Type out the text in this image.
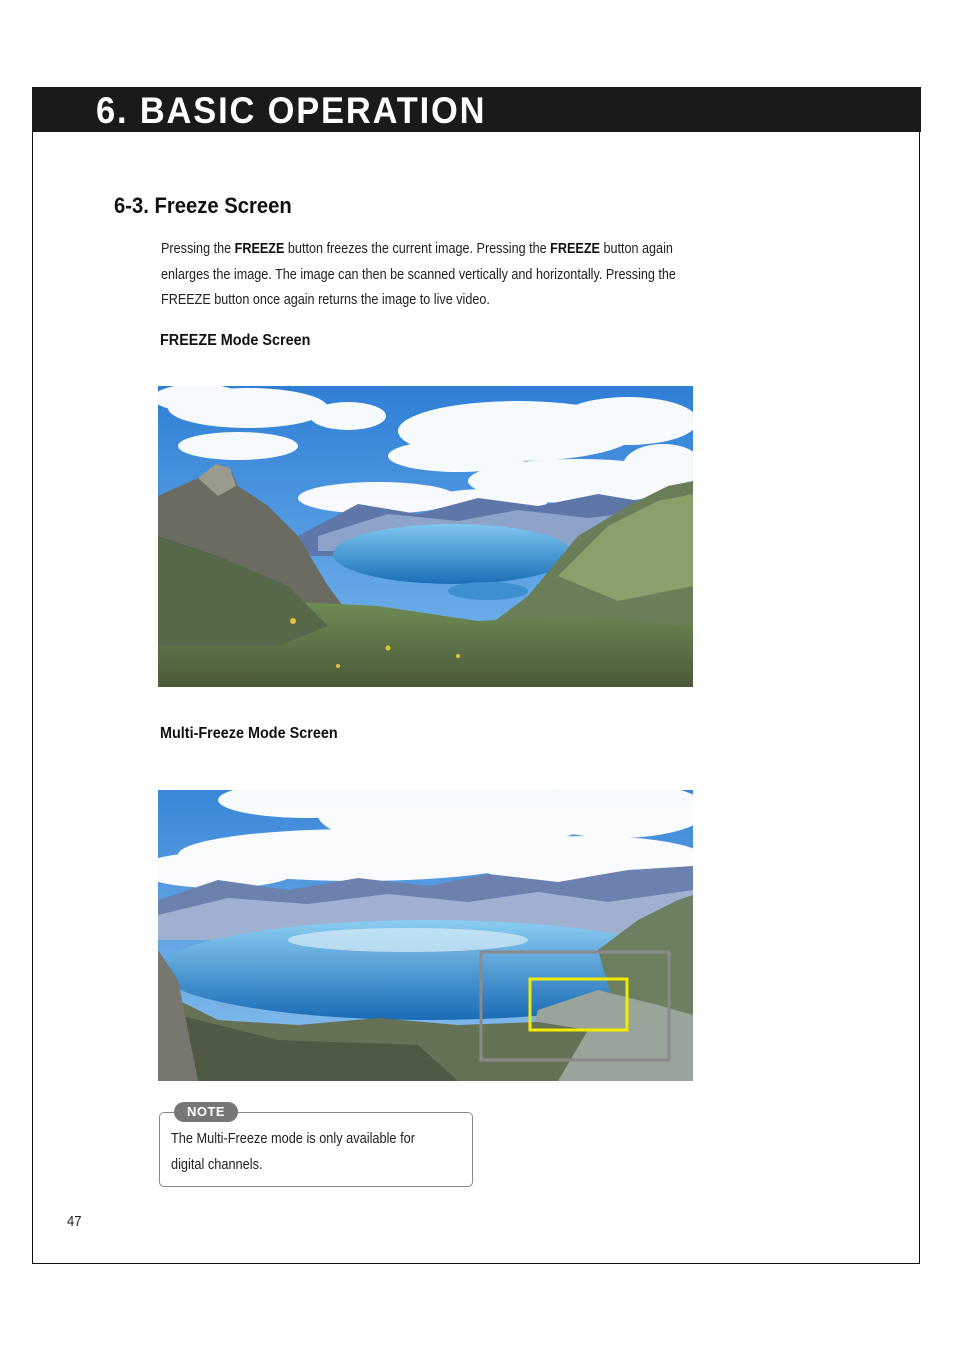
6. BASIC OPERATION
6-3. Freeze Screen

Pressing the FREEZE button freezes the current image. Pressing the FREEZE button again
enlarges the image. The image can then be scanned vertically and horizontally. Pressing the
FREEZE button once again returns the image to live video.

FREEZE Mode Screen

Multi-Freeze Mode Screen

NOTE

The Multi-Freeze mode is only available for
digital channels.

47
